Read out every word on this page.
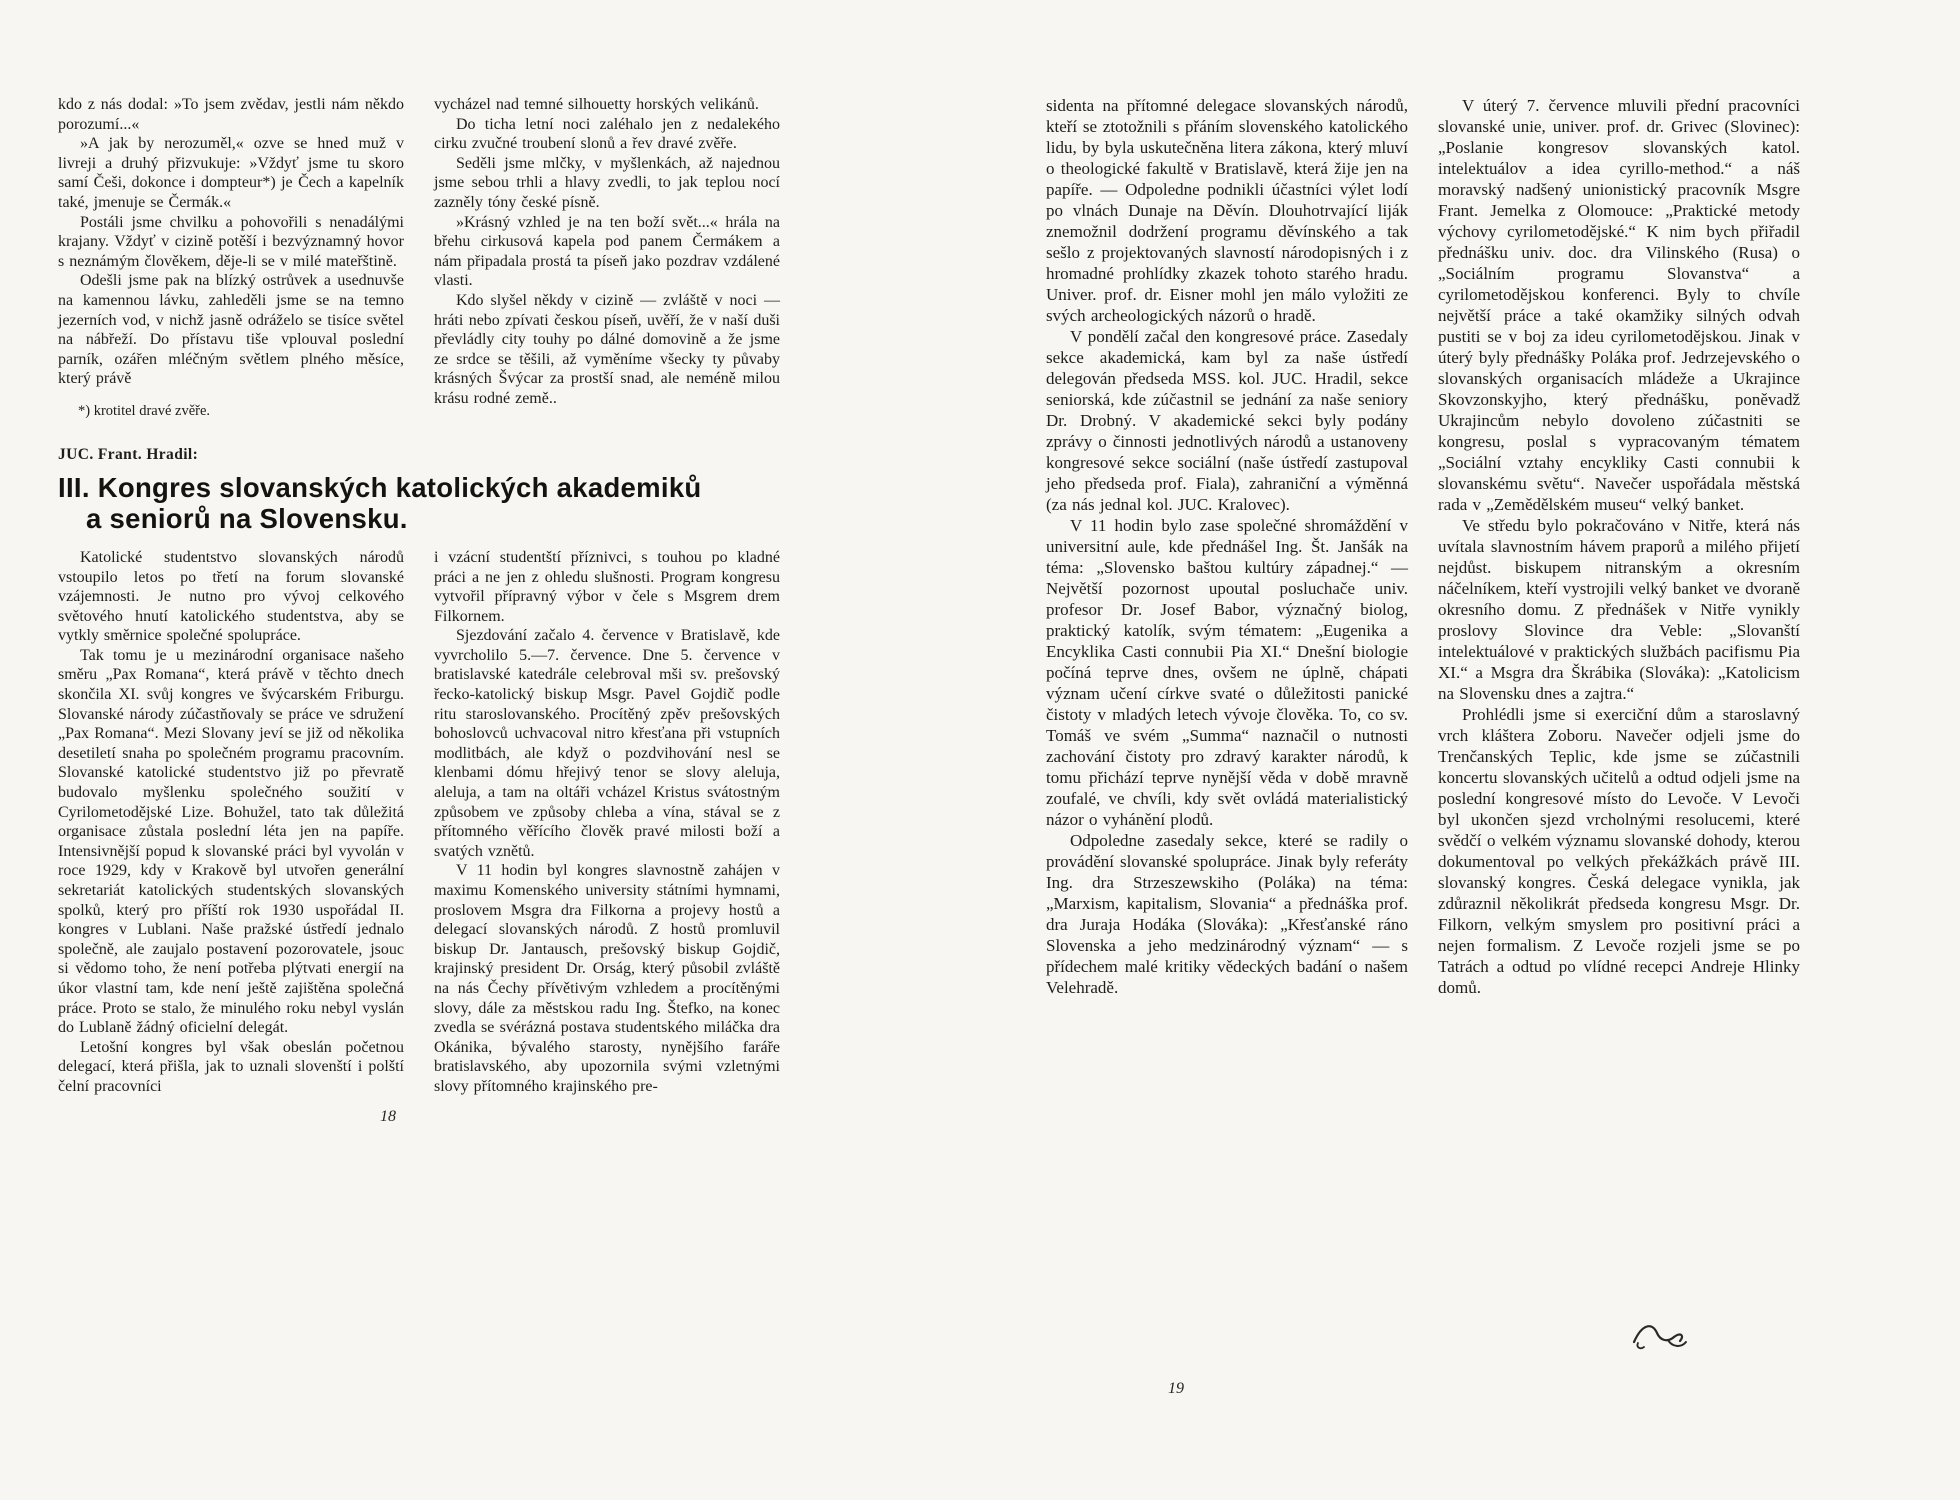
kdo z nás dodal: »To jsem zvědav, jestli nám někdo porozumí...«

»A jak by nerozuměl,« ozve se hned muž v livreji a druhý přizvukuje: »Vždyť jsme tu skoro samí Češi, dokonce i dompteur*) je Čech a kapelník také, jmenuje se Čermák.«

Postáli jsme chvilku a pohovořili s nenadálými krajany. Vždyť v cizině potěší i bezvýznamný hovor s neznámým člověkem, děje-li se v milé mateřštině.

Odešli jsme pak na blízký ostrůvek a usednuvše na kamennou lávku, zahleděli jsme se na temno jezerních vod, v nichž jasně odráželo se tisíce světel na nábřeží. Do přístavu tiše vplouval poslední parník, ozářen mléčným světlem plného měsíce, který právě

*) krotitel dravé zvěře.

vycházel nad temné silhouetty horských velikánů.

Do ticha letní noci zaléhalo jen z nedalekého cirku zvučné troubení slonů a řev dravé zvěře.

Seděli jsme mlčky, v myšlenkách, až najednou jsme sebou trhli a hlavy zvedli, to jak teplou nocí zazněly tóny české písně.

»Krásný vzhled je na ten boží svět...« hrála na břehu cirkusová kapela pod panem Čermákem a nám připadala prostá ta píseň jako pozdrav vzdálené vlasti.

Kdo slyšel někdy v cizině — zvláště v noci — hráti nebo zpívati českou píseň, uvěří, že v naší duši převládly city touhy po dálné domovině a že jsme ze srdce se těšili, až vyměníme všecky ty půvaby krásných Švýcar za prostší snad, ale neméně milou krásu rodné země..

JUC. Frant. Hradil:
III. Kongres slovanských katolických akademiků
a seniorů na Slovensku.

Katolické studentstvo slovanských národů vstoupilo letos po třetí na forum slovanské vzájemnosti. Je nutno pro vývoj celkového světového hnutí katolického studentstva, aby se vytkly směrnice společné spolupráce.

Tak tomu je u mezinárodní organisace našeho směru „Pax Romana“, která právě v těchto dnech skončila XI. svůj kongres ve švýcarském Friburgu. Slovanské národy zúčastňovaly se práce ve sdružení „Pax Romana“. Mezi Slovany jeví se již od několika desetiletí snaha po společném programu pracovním. Slovanské katolické studentstvo již po převratě budovalo myšlenku společného soužití v Cyrilometodějské Lize. Bohužel, tato tak důležitá organisace zůstala poslední léta jen na papíře. Intensivnější popud k slovanské práci byl vyvolán v roce 1929, kdy v Krakově byl utvořen generální sekretariát katolických studentských slovanských spolků, který pro příští rok 1930 uspořádal II. kongres v Lublani. Naše pražské ústředí jednalo společně, ale zaujalo postavení pozorovatele, jsouc si vědomo toho, že není potřeba plýtvati energií na úkor vlastní tam, kde není ještě zajištěna společná práce. Proto se stalo, že minulého roku nebyl vyslán do Lublaně žádný oficielní delegát.

Letošní kongres byl však obeslán početnou delegací, která přišla, jak to uznali slovenští i polští čelní pracovníci

i vzácní studentští příznivci, s touhou po kladné práci a ne jen z ohledu slušnosti. Program kongresu vytvořil přípravný výbor v čele s Msgrem drem Filkornem.

Sjezdování začalo 4. července v Bratislavě, kde vyvrcholilo 5.—7. července. Dne 5. července v bratislavské katedrále celebroval mši sv. prešovský řecko-katolický biskup Msgr. Pavel Gojdič podle ritu staroslovanského. Procítěný zpěv prešovských bohoslovců uchvacoval nitro křesťana při vstupních modlitbách, ale když o pozdvihování nesl se klenbami dómu hřejivý tenor se slovy aleluja, aleluja, a tam na oltáři vcházel Kristus svátostným způsobem ve způsoby chleba a vína, stával se z přítomného věřícího člověk pravé milosti boží a svatých vznětů.

V 11 hodin byl kongres slavnostně zahájen v maximu Komenského university státními hymnami, proslovem Msgra dra Filkorna a projevy hostů a delegací slovanských národů. Z hostů promluvil biskup Dr. Jantausch, prešovský biskup Gojdič, krajinský president Dr. Orság, který působil zvláště na nás Čechy přívětivým vzhledem a procítěnými slovy, dále za městskou radu Ing. Štefko, na konec zvedla se svérázná postava studentského miláčka dra Okánika, bývalého starosty, nynějšího faráře bratislavského, aby upozornila svými vzletnými slovy přítomného krajinského pre-

sidenta na přítomné delegace slovanských národů, kteří se ztotožnili s přáním slovenského katolického lidu, by byla uskutečněna litera zákona, který mluví o theologické fakultě v Bratislavě, která žije jen na papíře. — Odpoledne podnikli účastníci výlet lodí po vlnách Dunaje na Děvín. Dlouhotrvající liják znemožnil dodržení programu děvínského a tak sešlo z projektovaných slavností národopisných i z hromadné prohlídky zkazek tohoto starého hradu. Univer. prof. dr. Eisner mohl jen málo vyložiti ze svých archeologických názorů o hradě.

V pondělí začal den kongresové práce. Zasedaly sekce akademická, kam byl za naše ústředí delegován předseda MSS. kol. JUC. Hradil, sekce seniorská, kde zúčastnil se jednání za naše seniory Dr. Drobný. V akademické sekci byly podány zprávy o činnosti jednotlivých národů a ustanoveny kongresové sekce sociální (naše ústředí zastupoval jeho předseda prof. Fiala), zahraniční a výměnná (za nás jednal kol. JUC. Kralovec).

V 11 hodin bylo zase společné shromáždění v universitní aule, kde přednášel Ing. Št. Janšák na téma: „Slovensko baštou kultúry západnej.“ — Největší pozornost upoutal posluchače univ. profesor Dr. Josef Babor, význačný biolog, praktický katolík, svým tématem: „Eugenika a Encyklika Casti connubii Pia XI.“ Dnešní biologie počíná teprve dnes, ovšem ne úplně, chápati význam učení církve svaté o důležitosti panické čistoty v mladých letech vývoje člověka. To, co sv. Tomáš ve svém „Summa“ naznačil o nutnosti zachování čistoty pro zdravý karakter národů, k tomu přichází teprve nynější věda v době mravně zoufalé, ve chvíli, kdy svět ovládá materialistický názor o vyhánění plodů.

Odpoledne zasedaly sekce, které se radily o provádění slovanské spolupráce. Jinak byly referáty Ing. dra Strzeszewskiho (Poláka) na téma: „Marxism, kapitalism, Slovania“ a přednáška prof. dra Juraja Hodáka (Slováka): „Křesťanské ráno Slovenska a jeho medzinárodný význam“ — s přídechem malé kritiky vědeckých badání o našem Velehradě.

V úterý 7. července mluvili přední pracovníci slovanské unie, univer. prof. dr. Grivec (Slovinec): „Poslanie kongresov slovanských katol. intelektuálov a idea cyrillo-method.“ a náš moravský nadšený unionistický pracovník Msgre Frant. Jemelka z Olomouce: „Praktické metody výchovy cyrilometodějské.“ K nim bych přiřadil přednášku univ. doc. dra Vilinského (Rusa) o „Sociálním programu Slovanstva“ a cyrilometodějskou konferenci. Byly to chvíle největší práce a také okamžiky silných odvah pustiti se v boj za ideu cyrilometodějskou. Jinak v úterý byly přednášky Poláka prof. Jedrzejevského o slovanských organisacích mládeže a Ukrajince Skovzonskyjho, který přednášku, poněvadž Ukrajincům nebylo dovoleno zúčastniti se kongresu, poslal s vypracovaným tématem „Sociální vztahy encykliky Casti connubii k slovanskému světu“. Navečer uspořádala městská rada v „Zemědělském museu“ velký banket.

Ve středu bylo pokračováno v Nitře, která nás uvítala slavnostním hávem praporů a milého přijetí nejdůst. biskupem nitranským a okresním náčelníkem, kteří vystrojili velký banket ve dvoraně okresního domu. Z přednášek v Nitře vynikly proslovy Slovince dra Veble: „Slovanští intelektuálové v praktických službách pacifismu Pia XI.“ a Msgra dra Škrábika (Slováka): „Katolicism na Slovensku dnes a zajtra.“

Prohlédli jsme si exerciční dům a staroslavný vrch kláštera Zoboru. Navečer odjeli jsme do Trenčanských Teplic, kde jsme se zúčastnili koncertu slovanských učitelů a odtud odjeli jsme na poslední kongresové místo do Levoče. V Levoči byl ukončen sjezd vrcholnými resolucemi, které svědčí o velkém významu slovanské dohody, kterou dokumentoval po velkých překážkách právě III. slovanský kongres. Česká delegace vynikla, jak zdůraznil několikrát předseda kongresu Msgr. Dr. Filkorn, velkým smyslem pro positivní práci a nejen formalism. Z Levoče rozjeli jsme se po Tatrách a odtud po vlídné recepci Andreje Hlinky domů.

18
19
